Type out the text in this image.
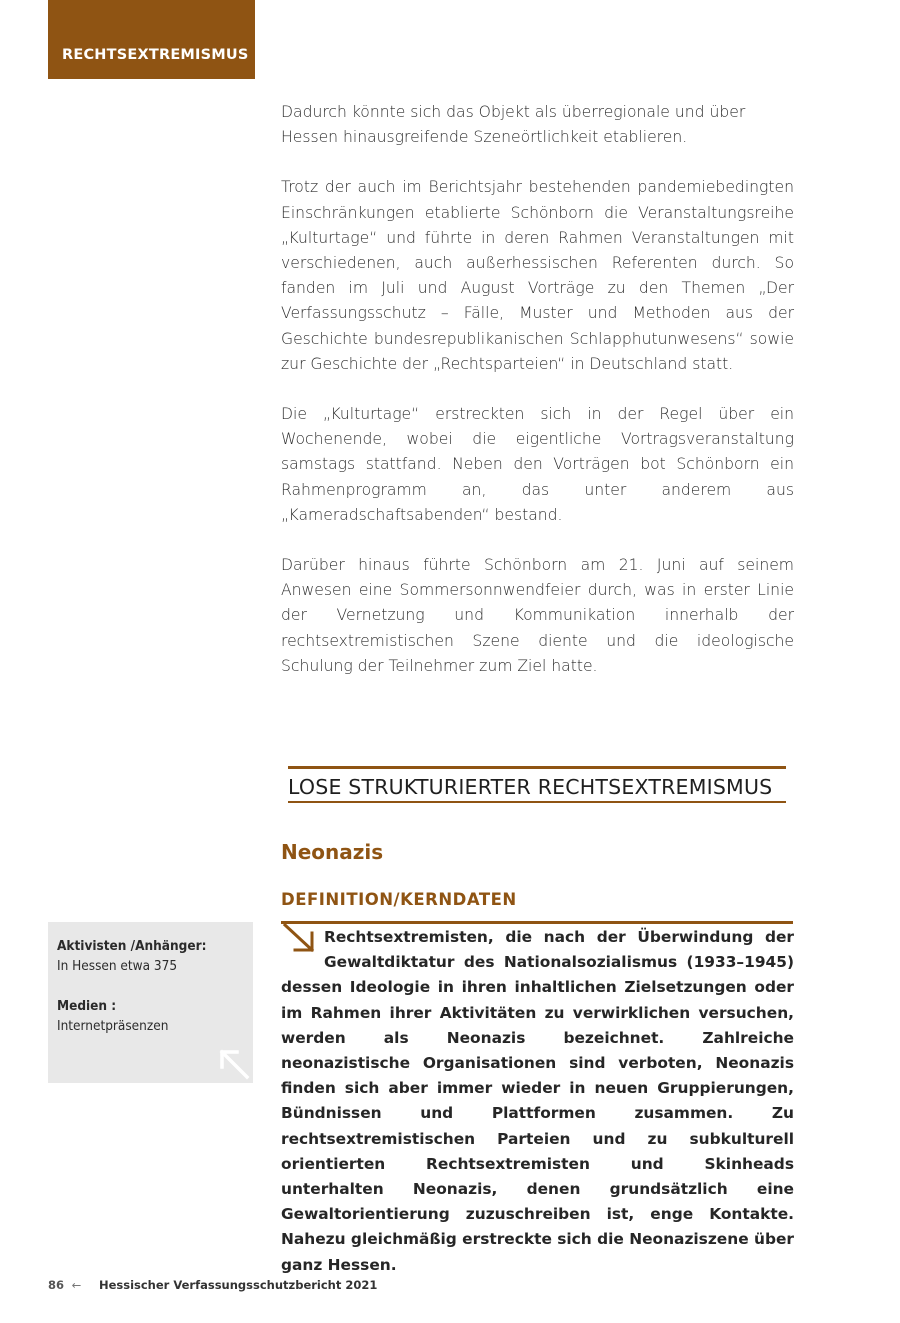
RECHTSEXTREMISMUS

Dadurch könnte sich das Objekt als überregionale und über Hessen hinausgreifende Szeneörtlichkeit etablieren.

Trotz der auch im Berichtsjahr bestehenden pandemiebedingten Einschränkungen etablierte Schönborn die Veranstaltungsreihe „Kulturtage“ und führte in deren Rahmen Veranstaltungen mit verschiedenen, auch außerhessischen Referenten durch. So fanden im Juli und August Vorträge zu den Themen „Der Verfassungsschutz – Fälle, Muster und Methoden aus der Geschichte bundesrepublikanischen Schlapphutunwesens“ sowie zur Geschichte der „Rechtsparteien“ in Deutschland statt.

Die „Kulturtage“ erstreckten sich in der Regel über ein Wochenende, wobei die eigentliche Vortragsveranstaltung samstags stattfand. Neben den Vorträgen bot Schönborn ein Rahmenprogramm an, das unter anderem aus „Kameradschaftsabenden“ bestand.

Darüber hinaus führte Schönborn am 21. Juni auf seinem Anwesen eine Sommersonnwendfeier durch, was in erster Linie der Vernetzung und Kommunikation innerhalb der rechtsextremistischen Szene diente und die ideologische Schulung der Teilnehmer zum Ziel hatte.

LOSE STRUKTURIERTER RECHTSEXTREMISMUS
Neonazis
DEFINITION/KERNDATEN
Rechtsextremisten, die nach der Überwindung der Gewaltdiktatur des Nationalsozialismus (1933–1945) dessen Ideologie in ihren inhaltlichen Zielsetzungen oder im Rahmen ihrer Aktivitäten zu verwirklichen versuchen, werden als Neonazis bezeichnet. Zahlreiche neonazistische Organisationen sind verboten, Neonazis finden sich aber immer wieder in neuen Gruppierungen, Bündnissen und Plattformen zusammen. Zu rechtsextremistischen Parteien und zu subkulturell orientierten Rechtsextremisten und Skinheads unterhalten Neonazis, denen grundsätzlich eine Gewaltorientierung zuzuschreiben ist, enge Kontakte. Nahezu gleichmäßig erstreckte sich die Neonaziszene über ganz Hessen.
Aktivisten /Anhänger:
In Hessen etwa 375
Medien :
Internetpräsenzen
86 ← Hessischer Verfassungsschutzbericht 2021
